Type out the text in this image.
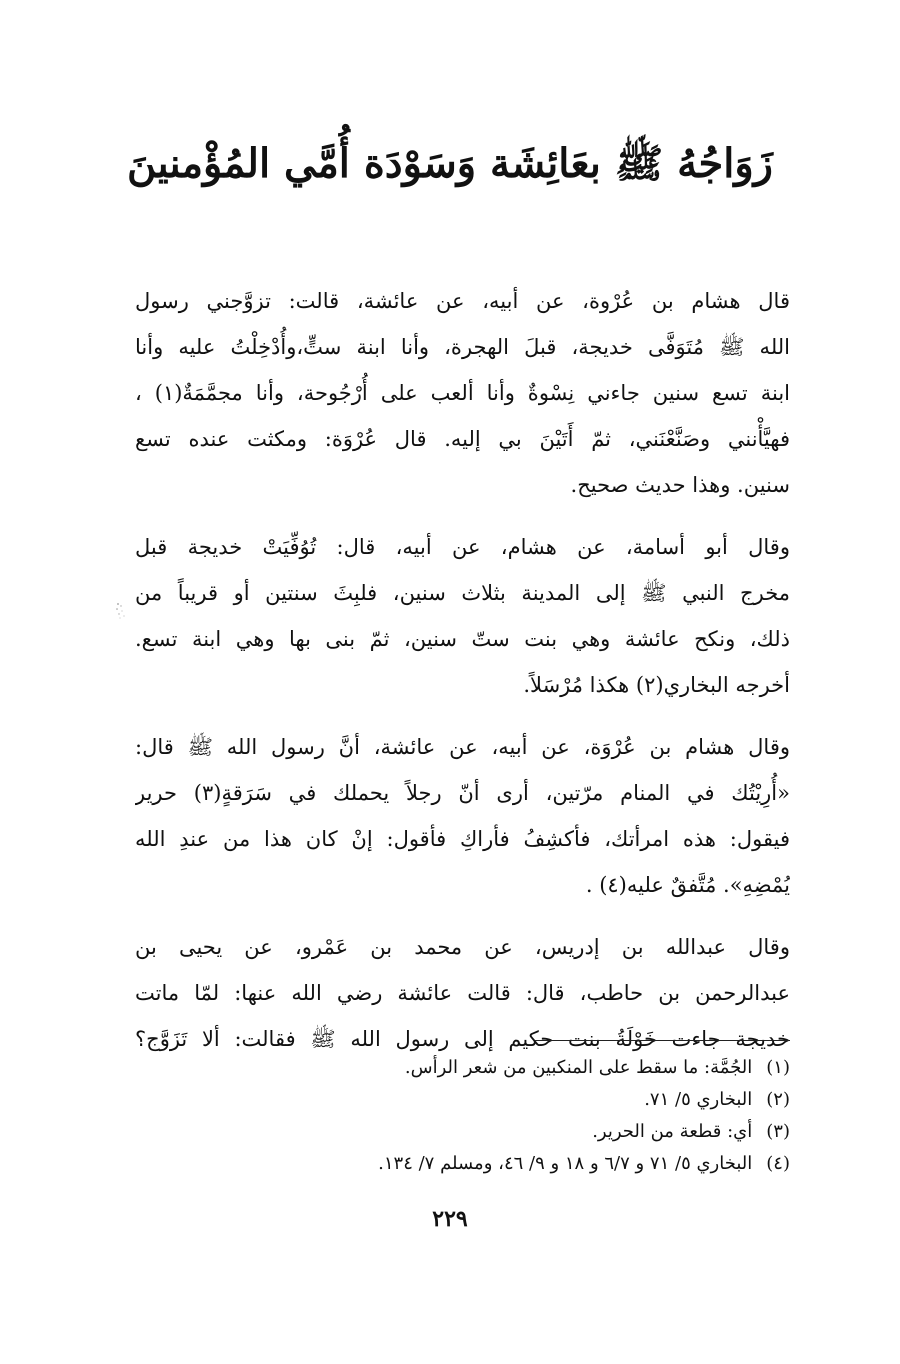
زَوَاجُهُ ﷺ بعَائِشَة وَسَوْدَة أُمَّي المُؤْمنينَ

قال هشام بن عُرْوة، عن أبيه، عن عائشة، قالت: تزوَّجني رسول
الله ﷺ مُتَوَفَّى خديجة، قبلَ الهجرة، وأنا ابنة ستٍّ،وأُدْخِلْتُ عليه وأنا
ابنة تسع سنين جاءني نِسْوةٌ وأنا ألعب على أُرْجُوحة، وأنا مجمَّمَةٌ(١) ،
فهيَّأْنني وصَنَّعْنَني، ثمّ أَتَيْنَ بي إليه. قال عُرْوَة: ومكثت عنده تسع
سنين. وهذا حديث صحيح.

وقال أبو أسامة، عن هشام، عن أبيه، قال: تُوُفِّيَتْ خديجة قبل
مخرج النبي ﷺ إلى المدينة بثلاث سنين، فلبِثَ سنتين أو قريباً من
ذلك، ونكح عائشة وهي بنت ستّ سنين، ثمّ بنى بها وهي ابنة تسع.
أخرجه البخاري(٢) هكذا مُرْسَلاً.

وقال هشام بن عُرْوَة، عن أبيه، عن عائشة، أنَّ رسول الله ﷺ قال:
«أُرِيْتُك في المنام مرّتين، أرى أنّ رجلاً يحملك في سَرَقةٍ(٣) حرير
فيقول: هذه امرأتك، فأكشِفُ فأراكِ فأقول: إنْ كان هذا من عندِ الله
يُمْضِهِ». مُتَّفقٌ عليه(٤) .

وقال عبدالله بن إدريس، عن محمد بن عَمْرو، عن يحيى بن
عبدالرحمن بن حاطب، قال: قالت عائشة رضي الله عنها: لمّا ماتت
خديجة جاءت خَوْلَةُ بنت حكيم إلى رسول الله ﷺ فقالت: ألا تَزَوَّج؟

(١)الجُمَّة: ما سقط على المنكبين من شعر الرأس.
(٢)البخاري ٥/ ٧١.
(٣)أي: قطعة من الحرير.
(٤)البخاري ٥/ ٧١ و ٦/٧ و ١٨ و ٩/ ٤٦، ومسلم ٧/ ١٣٤.
٢٢٩
